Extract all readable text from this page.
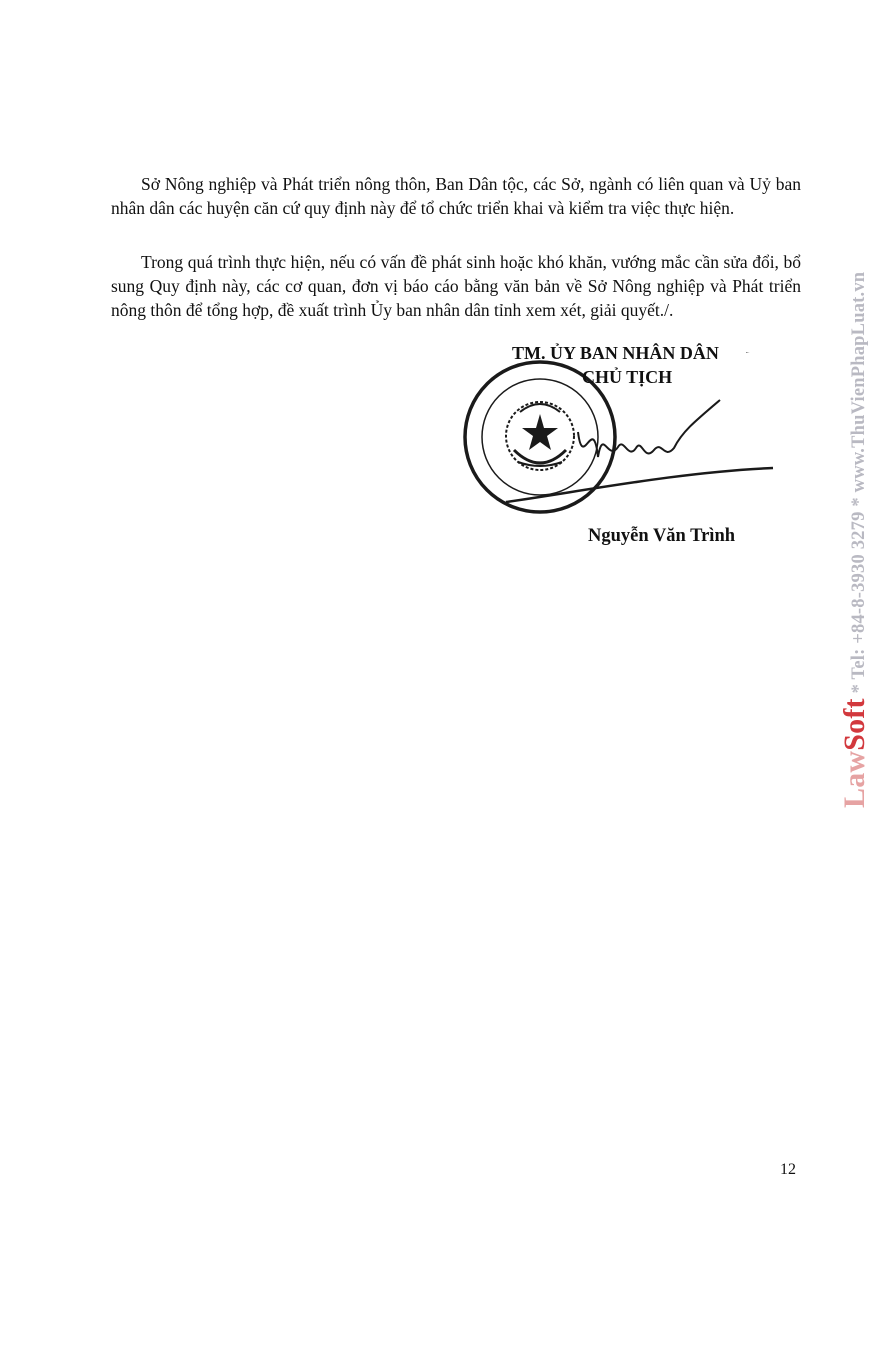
Sở Nông nghiệp và Phát triển nông thôn, Ban Dân tộc, các Sở, ngành có liên quan và Uỷ ban nhân dân các huyện căn cứ quy định này để tổ chức triển khai và kiểm tra việc thực hiện.

Trong quá trình thực hiện, nếu có vấn đề phát sinh hoặc khó khăn, vướng mắc cần sửa đổi, bổ sung Quy định này, các cơ quan, đơn vị báo cáo bằng văn bản về Sở Nông nghiệp và Phát triển nông thôn để tổng hợp, đề xuất trình Ủy ban nhân dân tỉnh xem xét, giải quyết./.

TM. ỦY BAN NHÂN DÂN
CHỦ TỊCH
Nguyễn Văn Trình
12
LawSoft * Tel: +84-8-3930 3279 * www.ThuVienPhapLuat.vn
